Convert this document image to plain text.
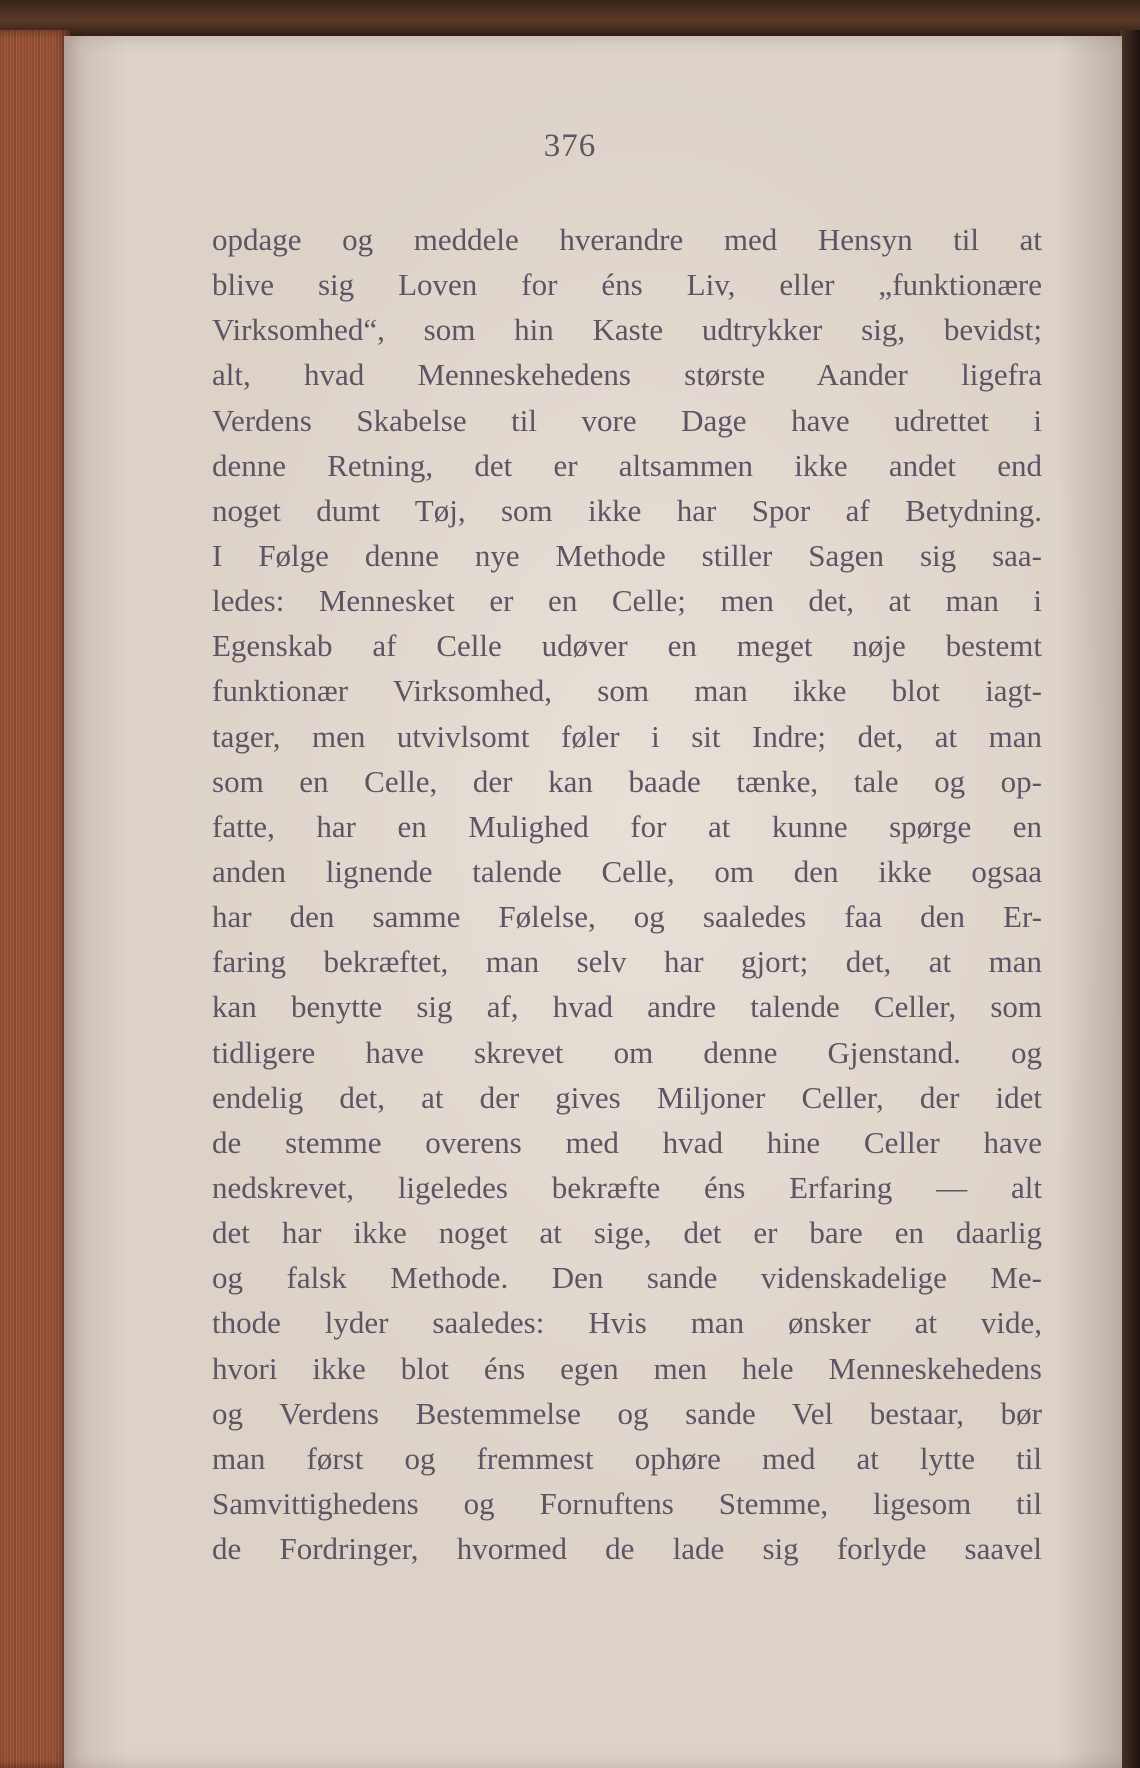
376

opdage og meddele hverandre med Hensyn til at
blive sig Loven for éns Liv, eller „funktionære
Virksomhed“, som hin Kaste udtrykker sig, bevidst;
alt, hvad Menneskehedens største Aander ligefra
Verdens Skabelse til vore Dage have udrettet i
denne Retning, det er altsammen ikke andet end
noget dumt Tøj, som ikke har Spor af Betydning.
I Følge denne nye Methode stiller Sagen sig saa-
ledes: Mennesket er en Celle; men det, at man i
Egenskab af Celle udøver en meget nøje bestemt
funktionær Virksomhed, som man ikke blot iagt-
tager, men utvivlsomt føler i sit Indre; det, at man
som en Celle, der kan baade tænke, tale og op-
fatte, har en Mulighed for at kunne spørge en
anden lignende talende Celle, om den ikke ogsaa
har den samme Følelse, og saaledes faa den Er-
faring bekræftet, man selv har gjort; det, at man
kan benytte sig af, hvad andre talende Celler, som
tidligere have skrevet om denne Gjenstand. og
endelig det, at der gives Miljoner Celler, der idet
de stemme overens med hvad hine Celler have
nedskrevet, ligeledes bekræfte éns Erfaring — alt
det har ikke noget at sige, det er bare en daarlig
og falsk Methode. Den sande videnskadelige Me-
thode lyder saaledes: Hvis man ønsker at vide,
hvori ikke blot éns egen men hele Menneskehedens
og Verdens Bestemmelse og sande Vel bestaar, bør
man først og fremmest ophøre med at lytte til
Samvittighedens og Fornuftens Stemme, ligesom til
de Fordringer, hvormed de lade sig forlyde saavel
